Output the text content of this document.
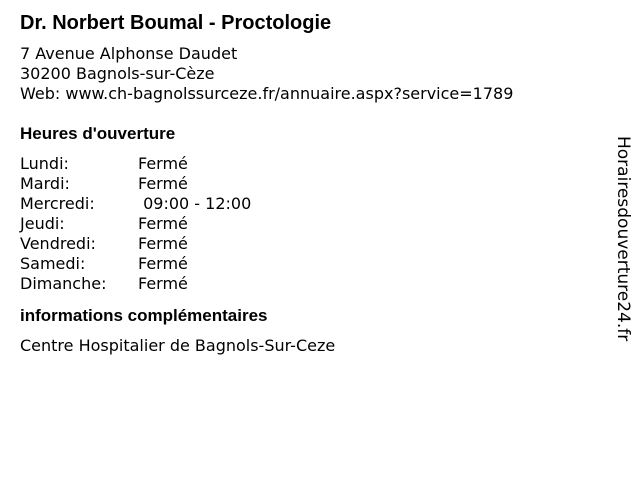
Dr. Norbert Boumal - Proctologie
7 Avenue Alphonse Daudet
30200 Bagnols-sur-Cèze
Web: www.ch-bagnolssurceze.fr/annuaire.aspx?service=1789
Heures d'ouverture
Lundi:	Fermé
Mardi:	Fermé
Mercredi:	09:00 - 12:00
Jeudi:	Fermé
Vendredi:	Fermé
Samedi:	Fermé
Dimanche:	Fermé
informations complémentaires
Centre Hospitalier de Bagnols-Sur-Ceze
Horairesdouverture24.fr
